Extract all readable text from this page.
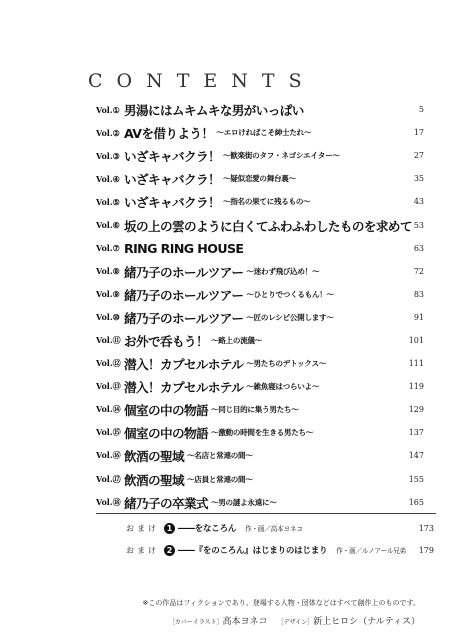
CONTENTS
Vol.① 男湯にはムキムキな男がいっぱい	5
Vol.② AVを借りよう！ ～エロけれぱこそ紳士たれ～	17
Vol.③ いざキャバクラ！ ～歓楽街のタフ・ネゴシエイター～	27
Vol.④ いざキャバクラ！ ～疑似恋愛の舞台裏～	35
Vol.⑤ いざキャバクラ！ ～指名の果てに残るもの～	43
Vol.⑥ 坂の上の雲のように白くてふわふわしたものを求めて 53
Vol.⑦ RING RING HOUSE	63
Vol.⑧ 緒乃子のホールツアー ～迷わず飛び込め！～	72
Vol.⑨ 緒乃子のホールツアー ～ひとりでつくるもん！～	83
Vol.⑩ 緒乃子のホールツアー ～匠のレシピ公開します～	91
Vol.⑪ お外で呑もう！ ～路上の流儀～	101
Vol.⑫ 潜入！カプセルホテル ～男たちのデトックス～	111
Vol.⑬ 潜入！カプセルホテル ～雑魚寝はつらいよ～	119
Vol.⑭ 個室の中の物語 ～同じ目的に集う男たち～	129
Vol.⑮ 個室の中の物語 ～激動の時間を生きる男たち～	137
Vol.⑯ 飲酒の聖域 ～名店と常連の間～	147
Vol.⑰ 飲酒の聖域 ～店員と常連の間～	155
Vol.⑱ 緒乃子の卒業式 ～男の謎よ永遠に～	165
おまけ 1 ――をなころん 作・画／高本ヨネコ	173
おまけ 2 ――『をのころん』はじまりのはじまり 作・画／ルノアール兄弟 179
※この作品はフィクションであり、登場する人物・団体などはすべて創作上のものです。
［カバーイラスト］高本ヨネコ ［デザイン］新上ヒロシ（ナルティス）
